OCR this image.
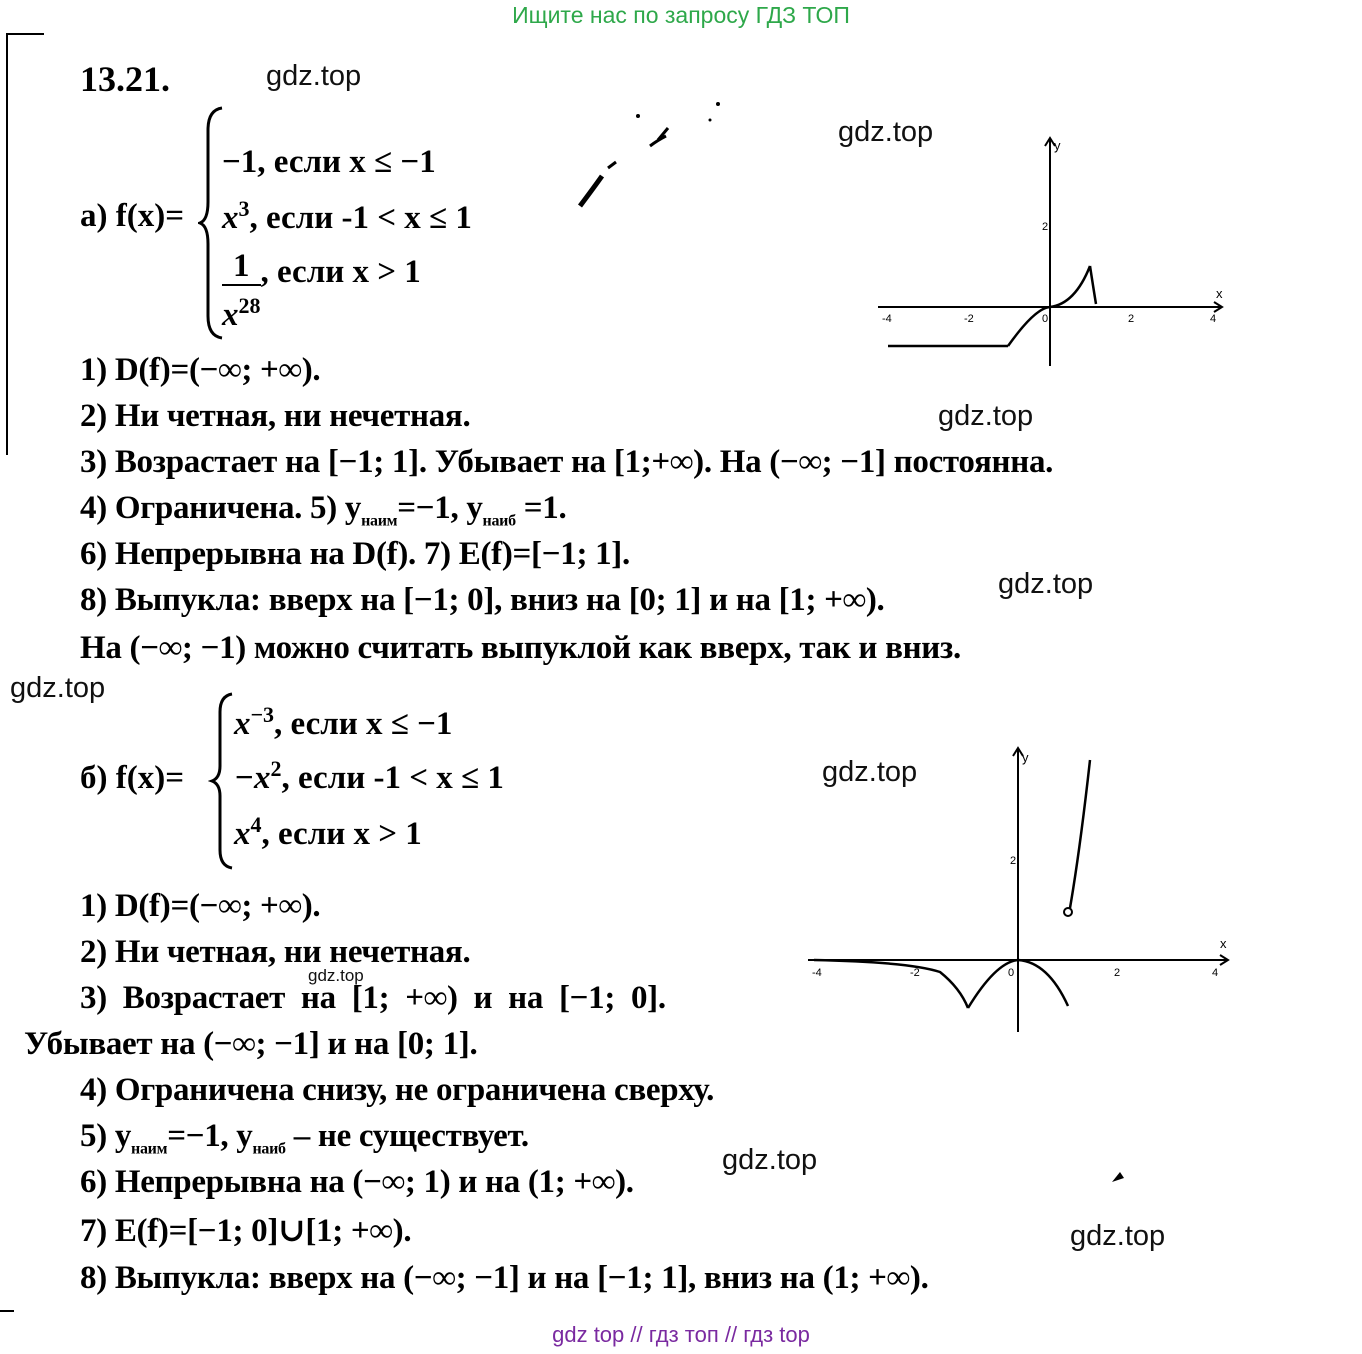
Ищите нас по запросу ГДЗ ТОП
gdz top // гдз топ // гдз top
13.21.	gdz.top
gdz.top
gdz.top
gdz.top
gdz.top
gdz.top
gdz.top
gdz.top
gdz.top
а) f(x)=
−1, если x ≤ −1
$x^3$, если -1 < x ≤ 1
$\frac{1}{x^{28}}$ , если x > 1
1) D(f)=(−∞; +∞).
2) Ни четная, ни нечетная.
3) Возрастает на [−1; 1]. Убывает на [1;+∞). На (−∞; −1] постоянна.
4) Ограничена. 5) $y_{наим}=-1$, $y_{наиб} =1$.
6) Непрерывна на D(f). 7) E(f)=[−1; 1].
8) Выпукла: вверх на [−1; 0], вниз на [0; 1] и на [1; +∞).
На (−∞; −1) можно считать выпуклой как вверх, так и вниз.
x
y
-4	-2	0	2	4
2
б) f(x)=
$x^{-3}$, если x ≤ −1
$-x^2$, если -1 < x ≤ 1
$x^4$, если x > 1
1) D(f)=(−∞; +∞).
2) Ни четная, ни нечетная.
3)  Возрастает  на  [1;  +∞)  и  на  [−1;  0].
Убывает на (−∞; −1] и на [0; 1].
4) Ограничена снизу, не ограничена сверху.
5) $y_{наим}=-1$, $y_{наиб}$ – не существует.
6) Непрерывна на (−∞; 1) и на (1; +∞).
7) E(f)=[−1; 0]∪[1; +∞).
8) Выпукла: вверх на (−∞; −1] и на [−1; 1], вниз на (1; +∞).
x
y
-4	-2	0	2	4
2
